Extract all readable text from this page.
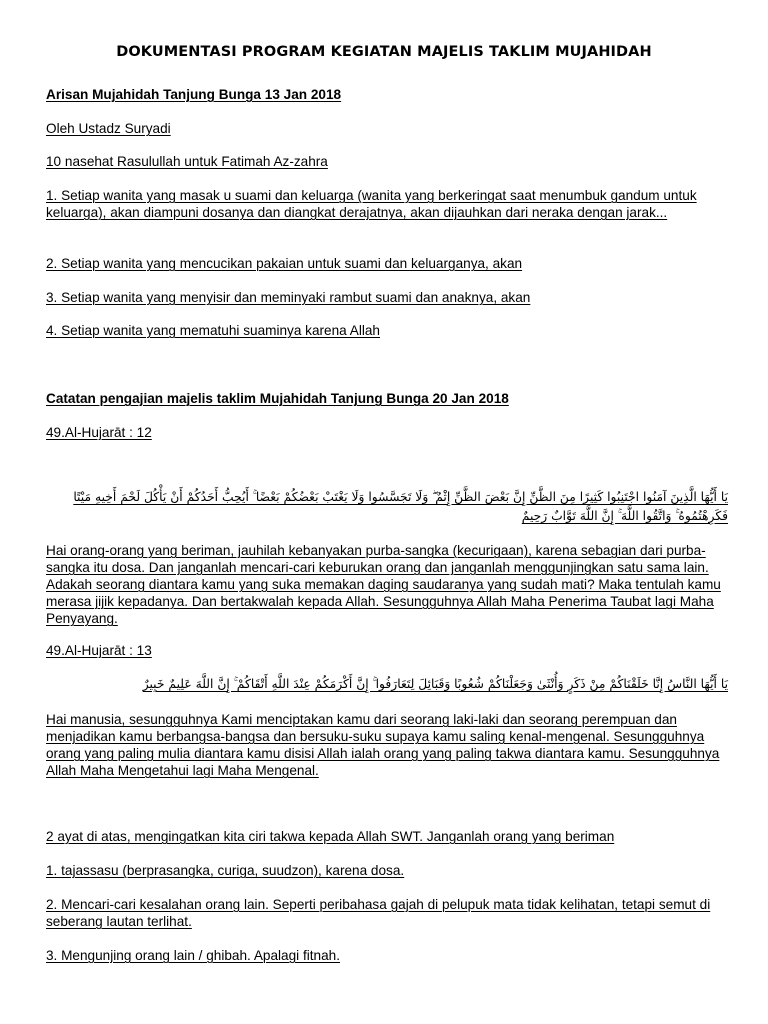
DOKUMENTASI PROGRAM KEGIATAN MAJELIS TAKLIM MUJAHIDAH
Arisan Mujahidah Tanjung Bunga 13 Jan 2018
Oleh Ustadz Suryadi
10 nasehat Rasulullah untuk Fatimah Az-zahra
1. Setiap wanita yang masak u suami dan keluarga (wanita yang berkeringat saat menumbuk gandum untuk keluarga), akan diampuni dosanya dan diangkat derajatnya, akan dijauhkan dari neraka dengan jarak...
2. Setiap wanita yang mencucikan pakaian untuk suami dan keluarganya, akan
3. Setiap wanita yang menyisir dan meminyaki rambut suami dan anaknya, akan
4. Setiap wanita yang mematuhi suaminya karena Allah
Catatan pengajian majelis taklim Mujahidah Tanjung Bunga 20 Jan 2018
49.Al-Hujarāt : 12
يَا أَيُّهَا الَّذِينَ آمَنُوا اجْتَنِبُوا كَثِيرًا مِنَ الظَّنِّ إِنَّ بَعْضَ الظَّنِّ إِثْمٌ ۖ وَلَا تَجَسَّسُوا وَلَا يَغْتَبْ بَعْضُكُمْ بَعْضًا ۚ أَيُحِبُّ أَحَدُكُمْ أَنْ يَأْكُلَ لَحْمَ أَخِيهِ مَيْتًا فَكَرِهْتُمُوهُ ۚ وَاتَّقُوا اللَّهَ ۚ إِنَّ اللَّهَ تَوَّابٌ رَحِيمٌ
Hai orang-orang yang beriman, jauhilah kebanyakan purba-sangka (kecurigaan), karena sebagian dari purba-sangka itu dosa. Dan janganlah mencari-cari keburukan orang dan janganlah menggunjingkan satu sama lain. Adakah seorang diantara kamu yang suka memakan daging saudaranya yang sudah mati? Maka tentulah kamu merasa jijik kepadanya. Dan bertakwalah kepada Allah. Sesungguhnya Allah Maha Penerima Taubat lagi Maha Penyayang.
49.Al-Hujarāt : 13
يَا أَيُّهَا النَّاسُ إِنَّا خَلَقْنَاكُمْ مِنْ ذَكَرٍ وَأُنْثَىٰ وَجَعَلْنَاكُمْ شُعُوبًا وَقَبَائِلَ لِتَعَارَفُوا ۚ إِنَّ أَكْرَمَكُمْ عِنْدَ اللَّهِ أَتْقَاكُمْ ۚ إِنَّ اللَّهَ عَلِيمٌ خَبِيرٌ
Hai manusia, sesungguhnya Kami menciptakan kamu dari seorang laki-laki dan seorang perempuan dan menjadikan kamu berbangsa-bangsa dan bersuku-suku supaya kamu saling kenal-mengenal. Sesungguhnya orang yang paling mulia diantara kamu disisi Allah ialah orang yang paling takwa diantara kamu. Sesungguhnya Allah Maha Mengetahui lagi Maha Mengenal.
2 ayat di atas, mengingatkan kita ciri takwa kepada Allah SWT. Janganlah orang yang beriman
1. tajassasu (berprasangka, curiga, suudzon), karena dosa.
2. Mencari-cari kesalahan orang lain. Seperti peribahasa gajah di pelupuk mata tidak kelihatan, tetapi semut di seberang lautan terlihat.
3. Mengunjing orang lain / ghibah. Apalagi fitnah.
